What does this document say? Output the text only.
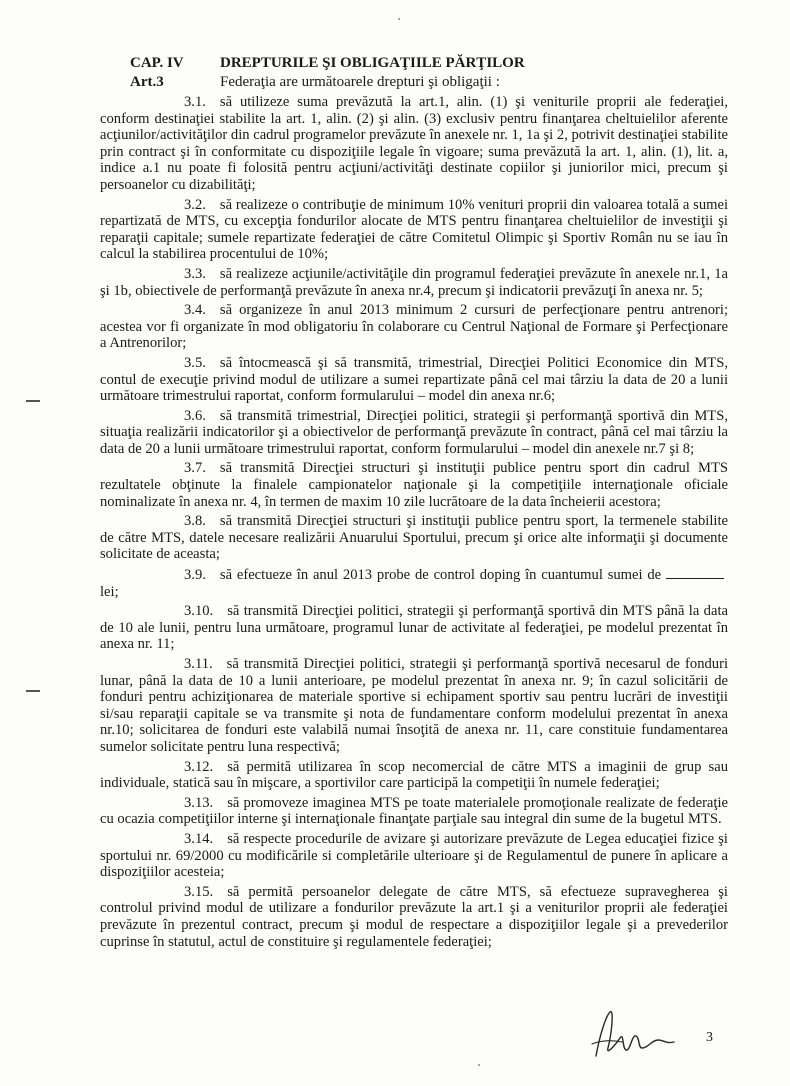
CAP. IV	DREPTURILE ŞI OBLIGAŢIILE PĂRŢILOR
Art.3	Federaţia are următoarele drepturi şi obligaţii :

3.1. să utilizeze suma prevăzută la art.1, alin. (1) şi veniturile proprii ale federaţiei, conform destinaţiei stabilite la art. 1, alin. (2) şi alin. (3) exclusiv pentru finanţarea cheltuielilor aferente acţiunilor/activităţilor din cadrul programelor prevăzute în anexele nr. 1, 1a şi 2, potrivit destinaţiei stabilite prin contract şi în conformitate cu dispoziţiile legale în vigoare; suma prevăzută la art. 1, alin. (1), lit. a, indice a.1 nu poate fi folosită pentru acţiuni/activităţi destinate copiilor şi juniorilor mici, precum şi persoanelor cu dizabilităţi;

3.2. să realizeze o contribuţie de minimum 10% venituri proprii din valoarea totală a sumei repartizată de MTS, cu excepţia fondurilor alocate de MTS pentru finanţarea cheltuielilor de investiţii şi reparaţii capitale; sumele repartizate federaţiei de către Comitetul Olimpic şi Sportiv Român nu se iau în calcul la stabilirea procentului de 10%;

3.3. să realizeze acţiunile/activităţile din programul federaţiei prevăzute în anexele nr.1, 1a şi 1b, obiectivele de performanţă prevăzute în anexa nr.4, precum şi indicatorii prevăzuţi în anexa nr. 5;

3.4. să organizeze în anul 2013 minimum 2 cursuri de perfecţionare pentru antrenori; acestea vor fi organizate în mod obligatoriu în colaborare cu Centrul Naţional de Formare şi Perfecţionare a Antrenorilor;

3.5. să întocmească şi să transmită, trimestrial, Direcţiei Politici Economice din MTS, contul de execuţie privind modul de utilizare a sumei repartizate până cel mai târziu la data de 20 a lunii următoare trimestrului raportat, conform formularului – model din anexa nr.6;

3.6. să transmită trimestrial, Direcţiei politici, strategii şi performanţă sportivă din MTS, situaţia realizării indicatorilor şi a obiectivelor de performanţă prevăzute în contract, până cel mai târziu la data de 20 a lunii următoare trimestrului raportat, conform formularului – model din anexele nr.7 şi 8;

3.7. să transmită Direcţiei structuri şi instituţii publice pentru sport din cadrul MTS rezultatele obţinute la finalele campionatelor naţionale şi la competiţiile internaţionale oficiale nominalizate în anexa nr. 4, în termen de maxim 10 zile lucrătoare de la data încheierii acestora;

3.8. să transmită Direcţiei structuri şi instituţii publice pentru sport, la termenele stabilite de către MTS, datele necesare realizării Anuarului Sportului, precum şi orice alte informaţii şi documente solicitate de aceasta;

3.9. să efectueze în anul 2013 probe de control doping în cuantumul sumei de lei;

3.10. să transmită Direcţiei politici, strategii şi performanţă sportivă din MTS până la data de 10 ale lunii, pentru luna următoare, programul lunar de activitate al federaţiei, pe modelul prezentat în anexa nr. 11;

3.11. să transmită Direcţiei politici, strategii şi performanţă sportivă necesarul de fonduri lunar, până la data de 10 a lunii anterioare, pe modelul prezentat în anexa nr. 9; în cazul solicitării de fonduri pentru achiziţionarea de materiale sportive si echipament sportiv sau pentru lucrări de investiţii si/sau reparaţii capitale se va transmite şi nota de fundamentare conform modelului prezentat în anexa nr.10; solicitarea de fonduri este valabilă numai însoţită de anexa nr. 11, care constituie fundamentarea sumelor solicitate pentru luna respectivă;

3.12. să permită utilizarea în scop necomercial de către MTS a imaginii de grup sau individuale, statică sau în mişcare, a sportivilor care participă la competiţii în numele federaţiei;

3.13. să promoveze imaginea MTS pe toate materialele promoţionale realizate de federaţie cu ocazia competiţiilor interne şi internaţionale finanţate parţiale sau integral din sume de la bugetul MTS.

3.14. să respecte procedurile de avizare şi autorizare prevăzute de Legea educaţiei fizice şi sportului nr. 69/2000 cu modificările si completările ulterioare şi de Regulamentul de punere în aplicare a dispoziţiilor acesteia;

3.15. să permită persoanelor delegate de către MTS, să efectueze supravegherea şi controlul privind modul de utilizare a fondurilor prevăzute la art.1 şi a veniturilor proprii ale federaţiei prevăzute în prezentul contract, precum şi modul de respectare a dispoziţiilor legale şi a prevederilor cuprinse în statutul, actul de constituire şi regulamentele federaţiei;

3
